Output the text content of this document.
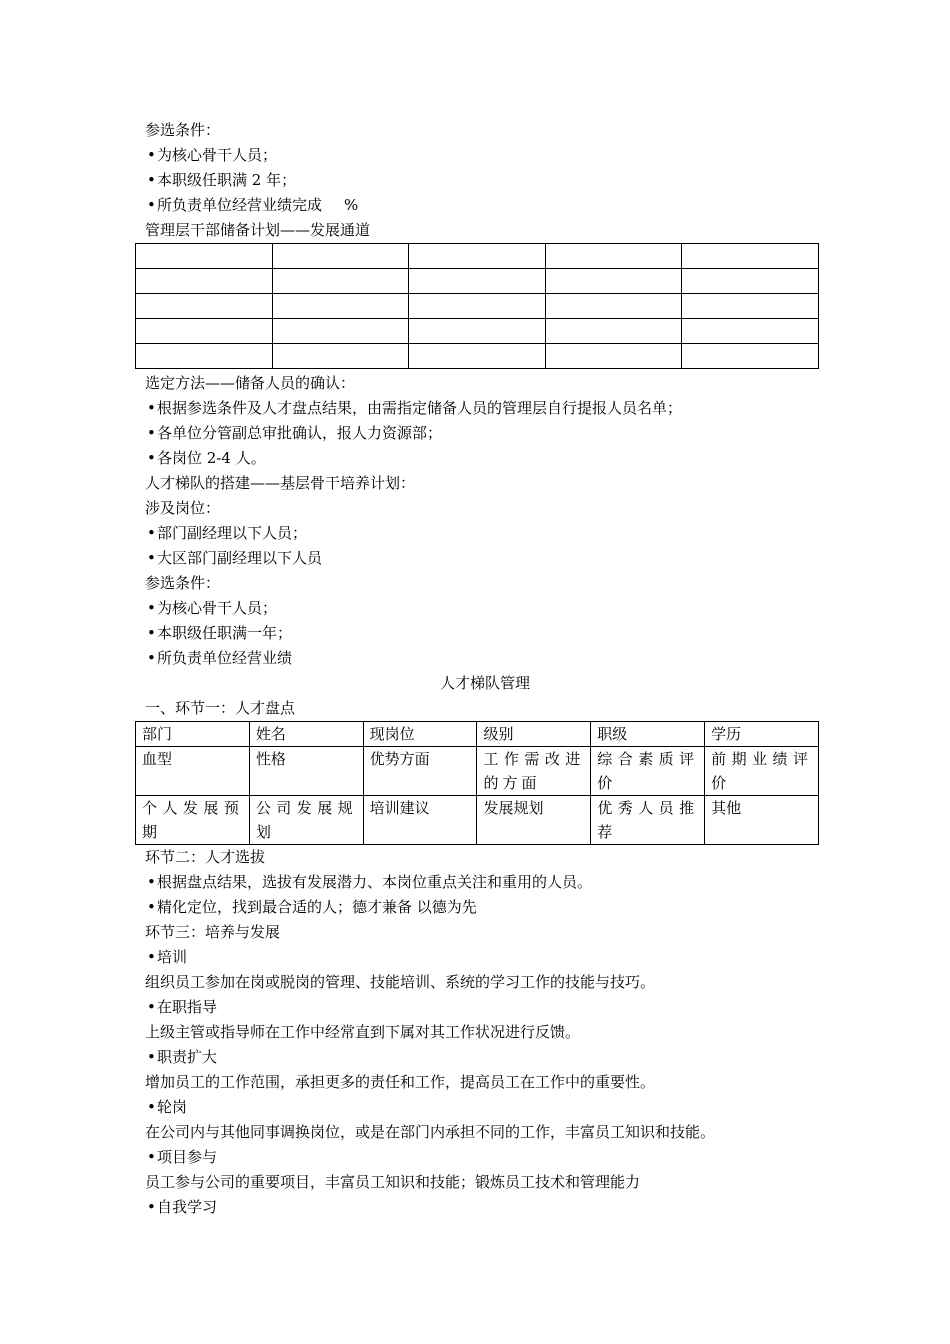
参选条件：
• 为核心骨干人员；
• 本职级任职满 2 年；
• 所负责单位经营业绩完成 %
管理层干部储备计划——发展通道

选定方法——储备人员的确认：
• 根据参选条件及人才盘点结果，由需指定储备人员的管理层自行提报人员名单；
• 各单位分管副总审批确认，报人力资源部；
• 各岗位 2-4 人。
人才梯队的搭建——基层骨干培养计划：
涉及岗位：
• 部门副经理以下人员；
• 大区部门副经理以下人员
参选条件：
• 为核心骨干人员；
• 本职级任职满一年；
• 所负责单位经营业绩
人才梯队管理
一、环节一：人才盘点
部门	姓名	现岗位	级别	职级	学历
血型	性格	优势方面	工作需改进的方面	综合素质评价	前期业绩评价
个人发展预期	公司发展规划	培训建议	发展规划	优秀人员推荐	其他
环节二：人才选拔
• 根据盘点结果，选拔有发展潜力、本岗位重点关注和重用的人员。
• 精化定位，找到最合适的人；德才兼备 以德为先
环节三：培养与发展
• 培训
组织员工参加在岗或脱岗的管理、技能培训、系统的学习工作的技能与技巧。
• 在职指导
上级主管或指导师在工作中经常直到下属对其工作状况进行反馈。
• 职责扩大
增加员工的工作范围，承担更多的责任和工作，提高员工在工作中的重要性。
• 轮岗
在公司内与其他同事调换岗位，或是在部门内承担不同的工作，丰富员工知识和技能。
• 项目参与
员工参与公司的重要项目，丰富员工知识和技能；锻炼员工技术和管理能力
• 自我学习
